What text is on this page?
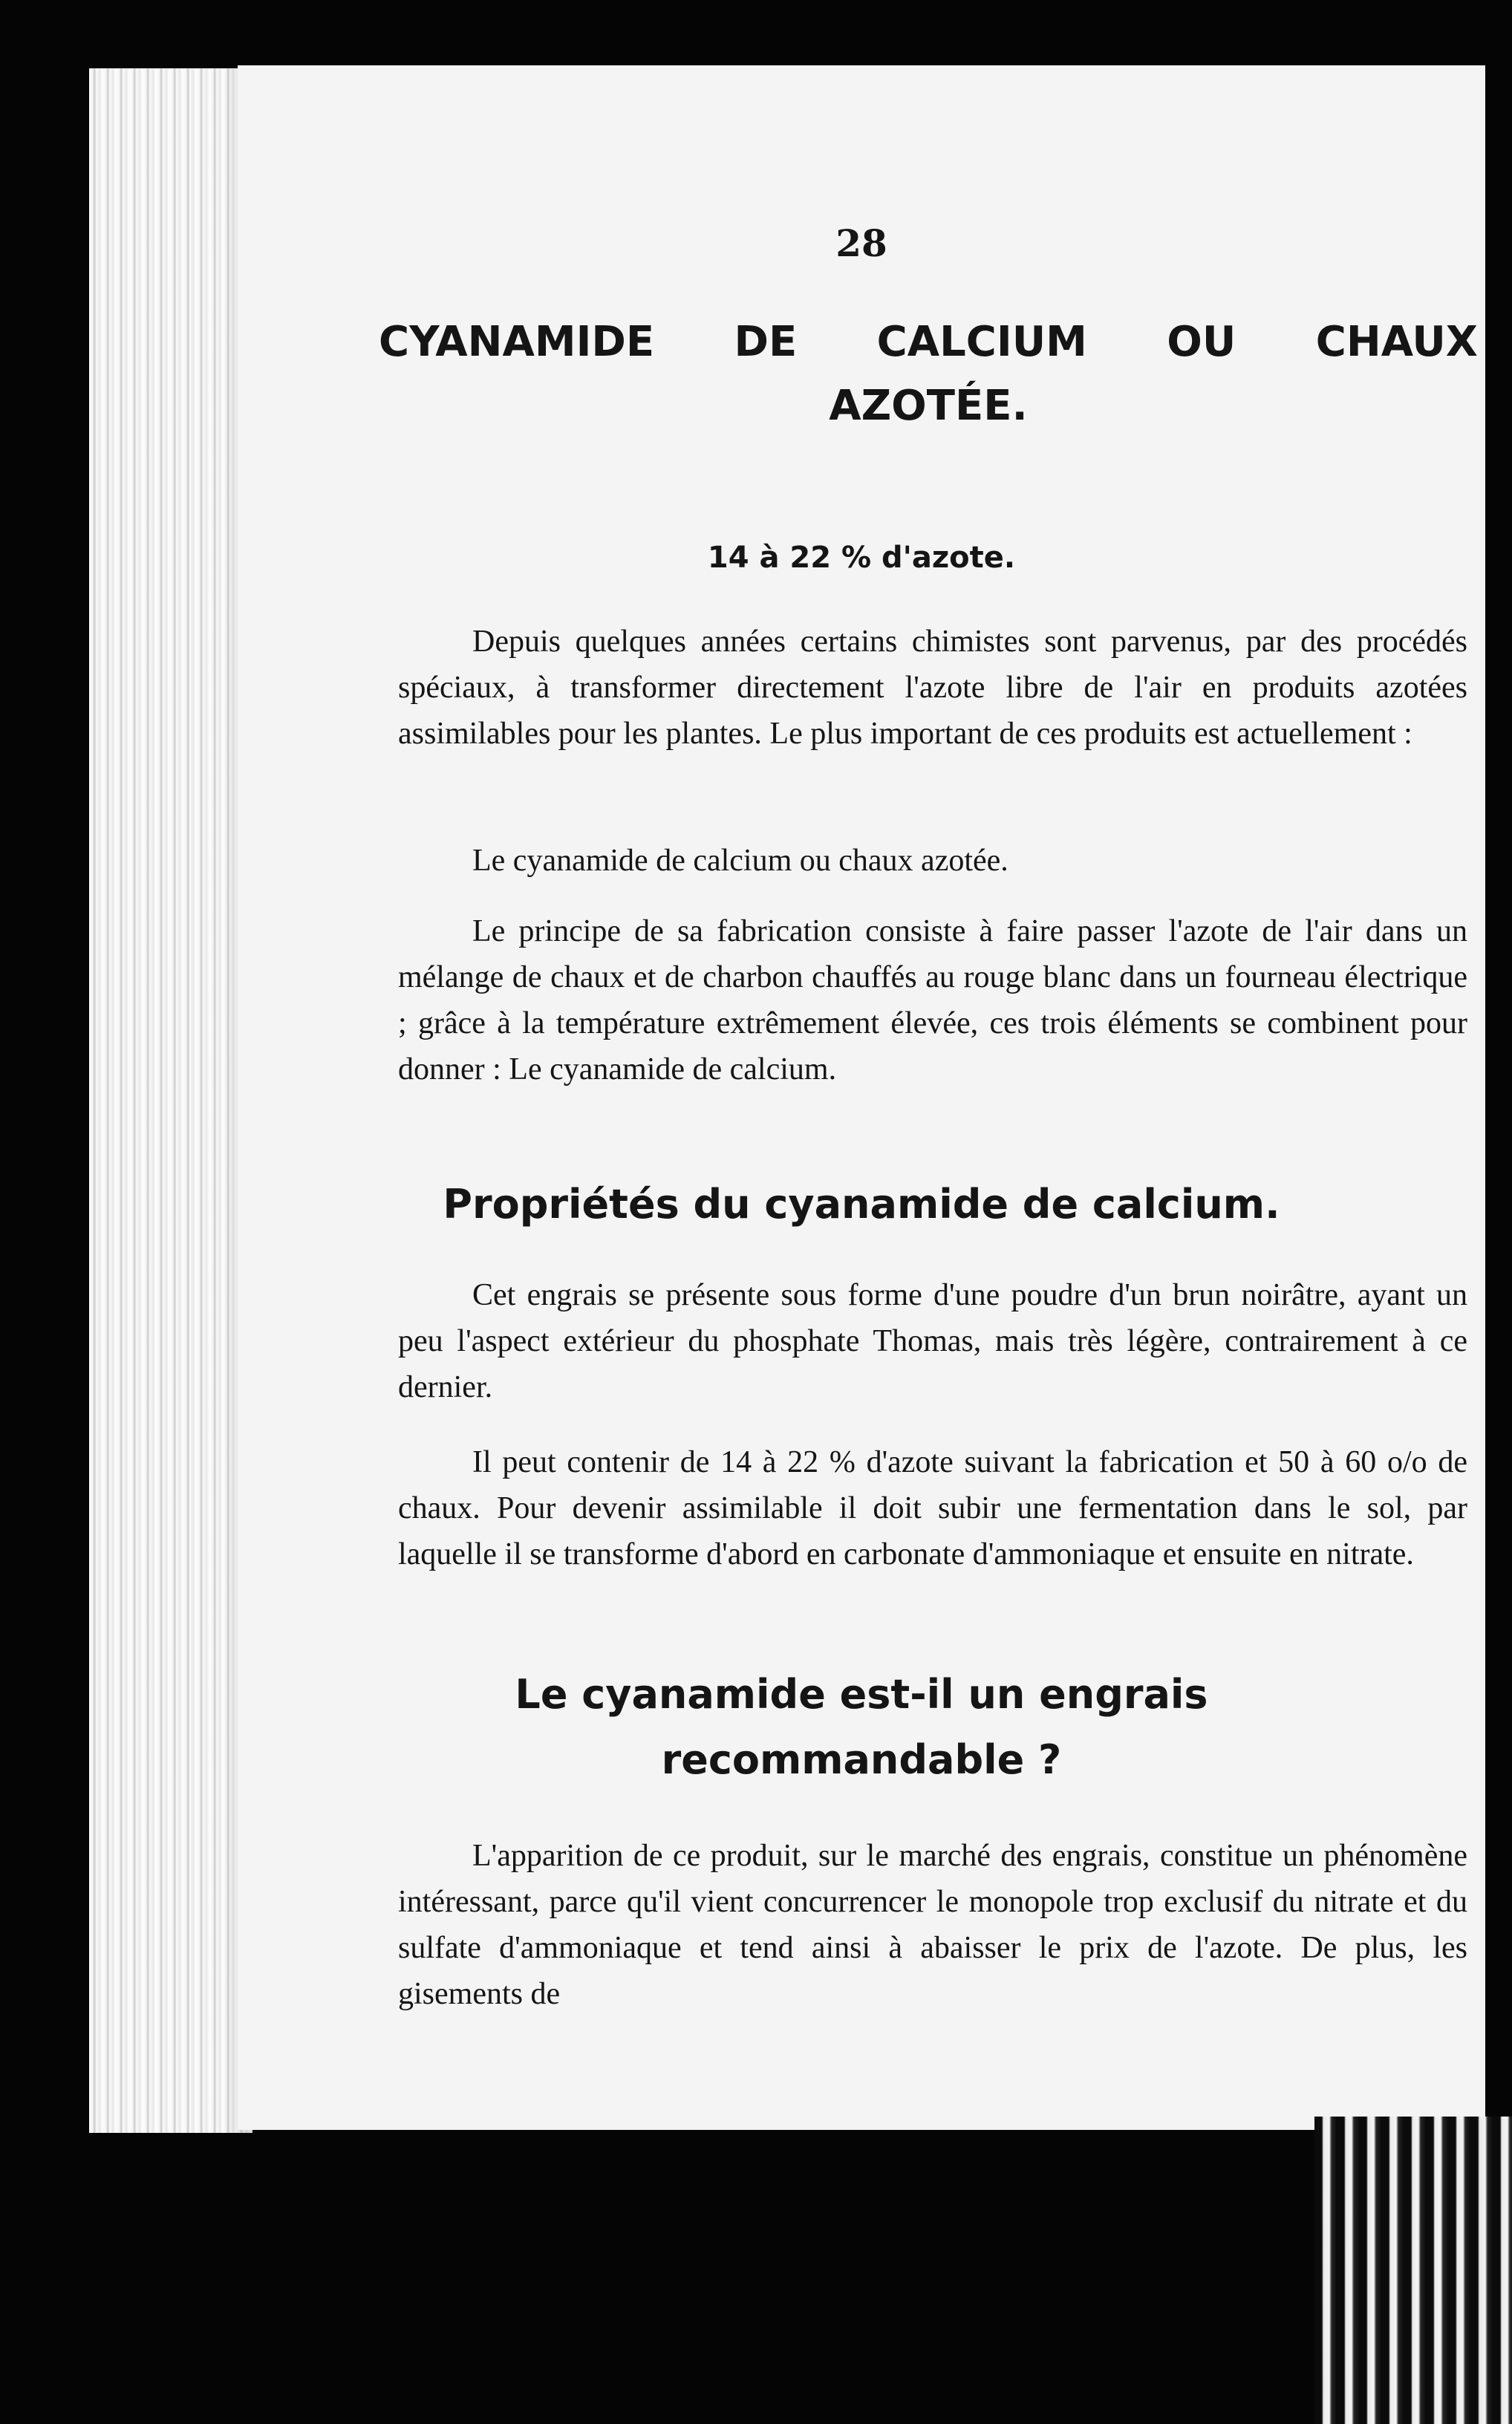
28
CYANAMIDE DE CALCIUM OU CHAUX
AZOTÉE.
14 à 22 % d'azote.
Depuis quelques années certains chimistes sont parvenus, par des procédés spéciaux, à transformer directement l'azote libre de l'air en produits azotées assimilables pour les plantes. Le plus important de ces produits est actuellement :
Le cyanamide de calcium ou chaux azotée.
Le principe de sa fabrication consiste à faire passer l'azote de l'air dans un mélange de chaux et de charbon chauffés au rouge blanc dans un fourneau électrique ; grâce à la température extrêmement élevée, ces trois éléments se combinent pour donner : Le cyanamide de calcium.
Propriétés du cyanamide de calcium.
Cet engrais se présente sous forme d'une poudre d'un brun noirâtre, ayant un peu l'aspect extérieur du phosphate Thomas, mais très légère, contrairement à ce dernier.
Il peut contenir de 14 à 22 % d'azote suivant la fabrication et 50 à 60 o/o de chaux. Pour devenir assimilable il doit subir une fermentation dans le sol, par laquelle il se transforme d'abord en carbonate d'ammoniaque et ensuite en nitrate.
Le cyanamide est-il un engrais
recommandable ?
L'apparition de ce produit, sur le marché des engrais, constitue un phénomène intéressant, parce qu'il vient concurrencer le monopole trop exclusif du nitrate et du sulfate d'ammoniaque et tend ainsi à abaisser le prix de l'azote. De plus, les gisements de
